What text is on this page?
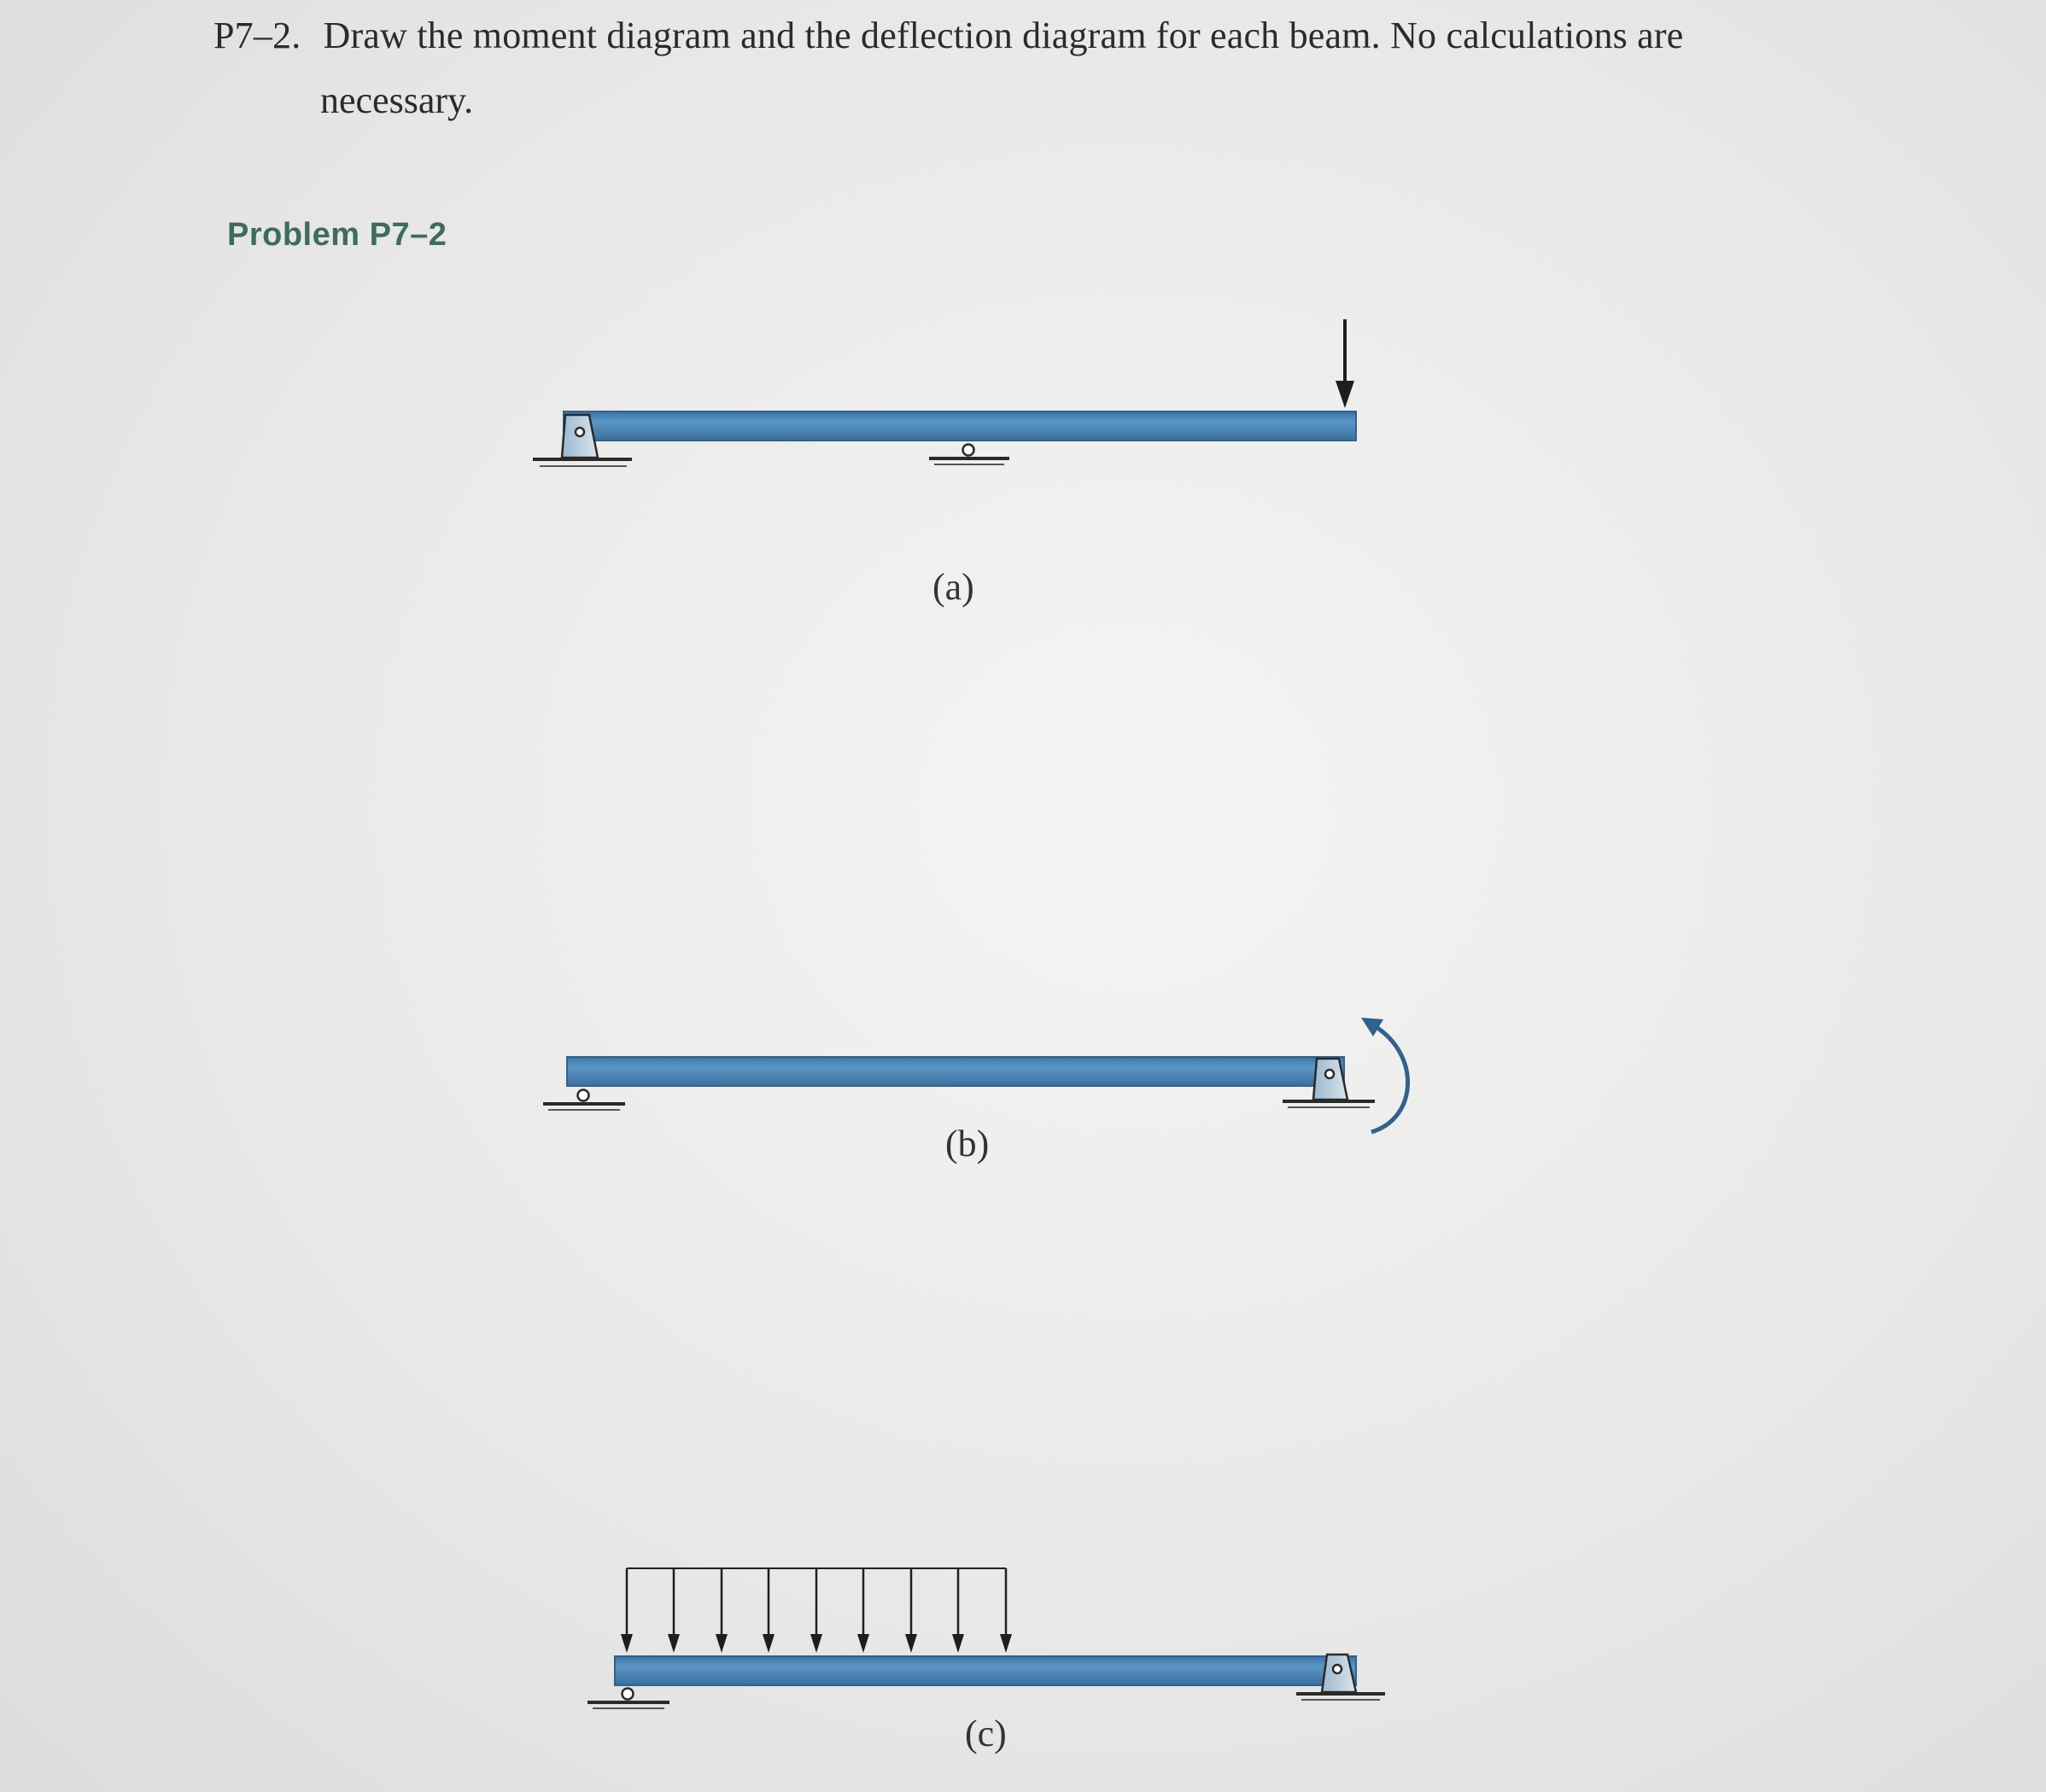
P7–2. Draw the moment diagram and the deflection diagram for each beam. No calculations are
necessary.
Problem P7–2
(a)
(b)
(c)
